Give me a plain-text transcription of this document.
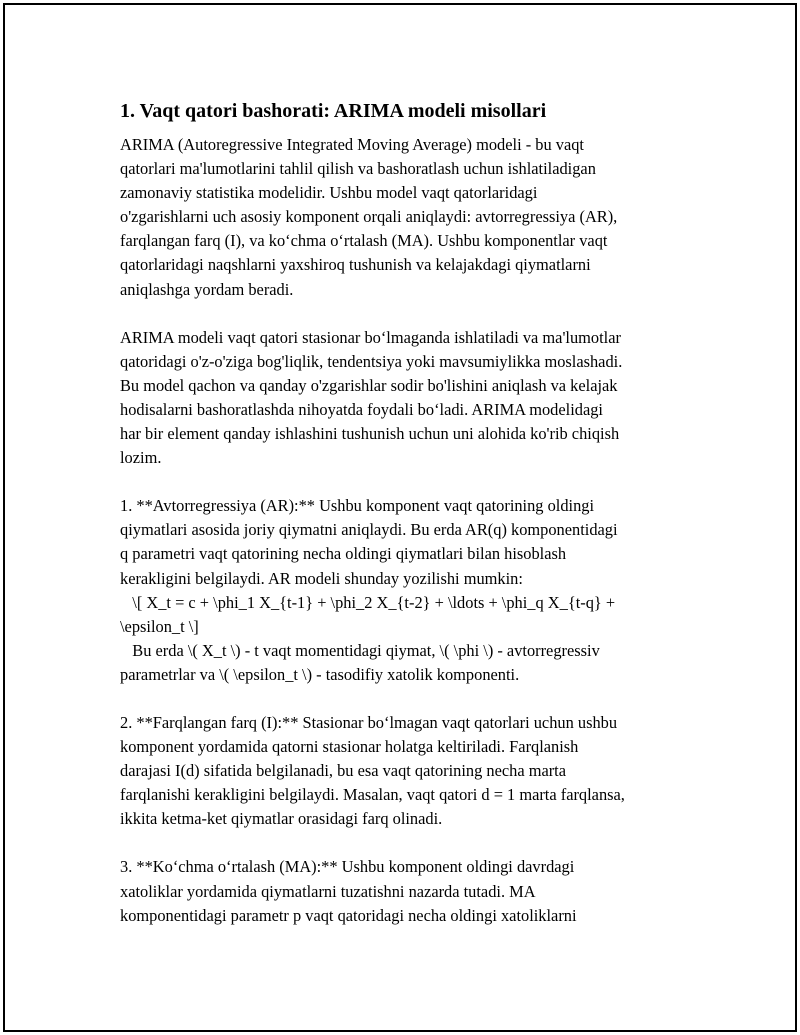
1. Vaqt qatori bashorati: ARIMA modeli misollari

ARIMA (Autoregressive Integrated Moving Average) modeli - bu vaqt
qatorlari ma'lumotlarini tahlil qilish va bashoratlash uchun ishlatiladigan
zamonaviy statistika modelidir. Ushbu model vaqt qatorlaridagi
o'zgarishlarni uch asosiy komponent orqali aniqlaydi: avtorregressiya (AR),
farqlangan farq (I), va ko‘chma o‘rtalash (MA). Ushbu komponentlar vaqt
qatorlaridagi naqshlarni yaxshiroq tushunish va kelajakdagi qiymatlarni
aniqlashga yordam beradi.

ARIMA modeli vaqt qatori stasionar bo‘lmaganda ishlatiladi va ma'lumotlar
qatoridagi o'z-o'ziga bog'liqlik, tendentsiya yoki mavsumiylikka moslashadi.
Bu model qachon va qanday o'zgarishlar sodir bo'lishini aniqlash va kelajak
hodisalarni bashoratlashda nihoyatda foydali bo‘ladi. ARIMA modelidagi
har bir element qanday ishlashini tushunish uchun uni alohida ko'rib chiqish
lozim.

1. **Avtorregressiya (AR):** Ushbu komponent vaqt qatorining oldingi
qiymatlari asosida joriy qiymatni aniqlaydi. Bu erda AR(q) komponentidagi
q parametri vaqt qatorining necha oldingi qiymatlari bilan hisoblash
kerakligini belgilaydi. AR modeli shunday yozilishi mumkin:
\[ X_t = c + \phi_1 X_{t-1} + \phi_2 X_{t-2} + \ldots + \phi_q X_{t-q} +
\epsilon_t \]
Bu erda \( X_t \) - t vaqt momentidagi qiymat, \( \phi \) - avtorregressiv
parametrlar va \( \epsilon_t \) - tasodifiy xatolik komponenti.

2. **Farqlangan farq (I):** Stasionar bo‘lmagan vaqt qatorlari uchun ushbu
komponent yordamida qatorni stasionar holatga keltiriladi. Farqlanish
darajasi I(d) sifatida belgilanadi, bu esa vaqt qatorining necha marta
farqlanishi kerakligini belgilaydi. Masalan, vaqt qatori d = 1 marta farqlansa,
ikkita ketma-ket qiymatlar orasidagi farq olinadi.

3. **Ko‘chma o‘rtalash (MA):** Ushbu komponent oldingi davrdagi
xatoliklar yordamida qiymatlarni tuzatishni nazarda tutadi. MA
komponentidagi parametr p vaqt qatoridagi necha oldingi xatoliklarni
